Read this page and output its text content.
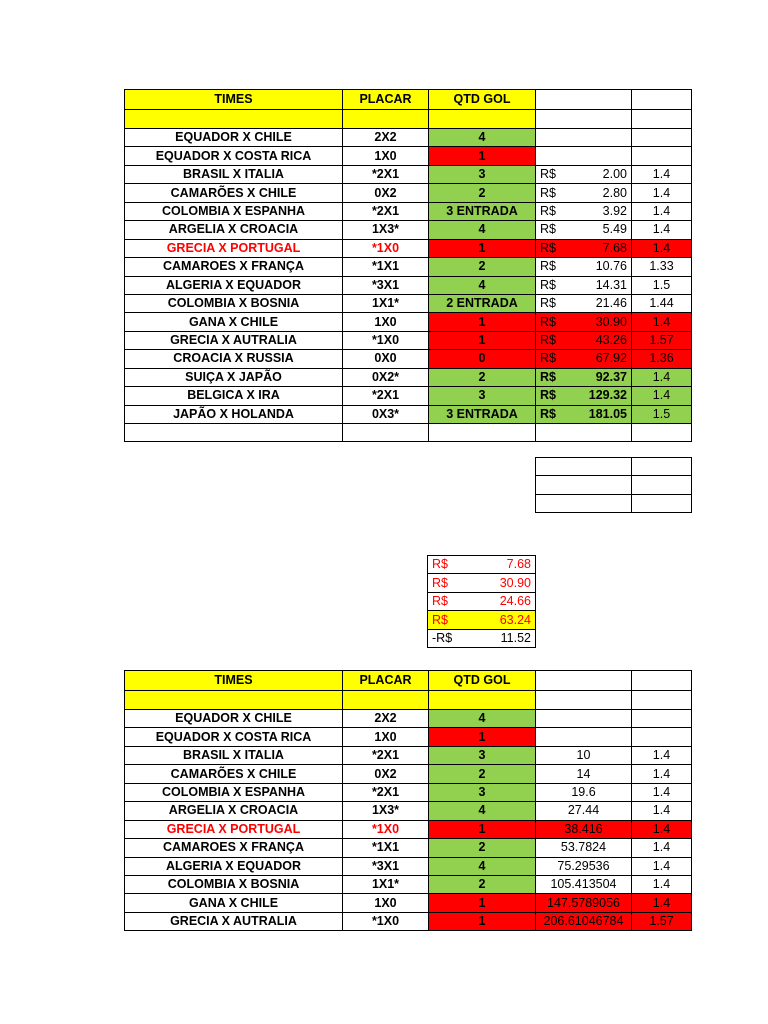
TIMES	PLACAR	QTD GOL		

EQUADOR X CHILE	2X2	4		
EQUADOR X COSTA RICA	1X0	1		
BRASIL X ITALIA	*2X1	3	R$ 2.00	1.4
CAMARÕES X CHILE	0X2	2	R$ 2.80	1.4
COLOMBIA X ESPANHA	*2X1	3 ENTRADA	R$ 3.92	1.4
ARGELIA X CROACIA	1X3*	4	R$ 5.49	1.4
GRECIA X PORTUGAL	*1X0	1	R$ 7.68	1.4
CAMAROES X FRANÇA	*1X1	2	R$ 10.76	1.33
ALGERIA X EQUADOR	*3X1	4	R$ 14.31	1.5
COLOMBIA X BOSNIA	1X1*	2 ENTRADA	R$ 21.46	1.44
GANA X CHILE	1X0	1	R$ 30.90	1.4
GRECIA X AUTRALIA	*1X0	1	R$ 43.26	1.57
CROACIA X RUSSIA	0X0	0	R$ 67.92	1.36
SUIÇA X JAPÃO	0X2*	2	R$ 92.37	1.4
BELGICA X IRA	*2X1	3	R$ 129.32	1.4
JAPÃO X HOLANDA	0X3*	3 ENTRADA	R$ 181.05	1.5

R$	7.68

R$	30.90

R$	24.66

R$	63.24

-R$	11.52
TIMES	PLACAR	QTD GOL		

EQUADOR X CHILE	2X2	4		
EQUADOR X COSTA RICA	1X0	1		
BRASIL X ITALIA	*2X1	3	10	1.4
CAMARÕES X CHILE	0X2	2	14	1.4
COLOMBIA X ESPANHA	*2X1	3	19.6	1.4
ARGELIA X CROACIA	1X3*	4	27.44	1.4
GRECIA X PORTUGAL	*1X0	1	38.416	1.4
CAMAROES X FRANÇA	*1X1	2	53.7824	1.4
ALGERIA X EQUADOR	*3X1	4	75.29536	1.4
COLOMBIA X BOSNIA	1X1*	2	105.413504	1.4
GANA X CHILE	1X0	1	147.5789056	1.4
GRECIA X AUTRALIA	*1X0	1	206.61046784	1.57
